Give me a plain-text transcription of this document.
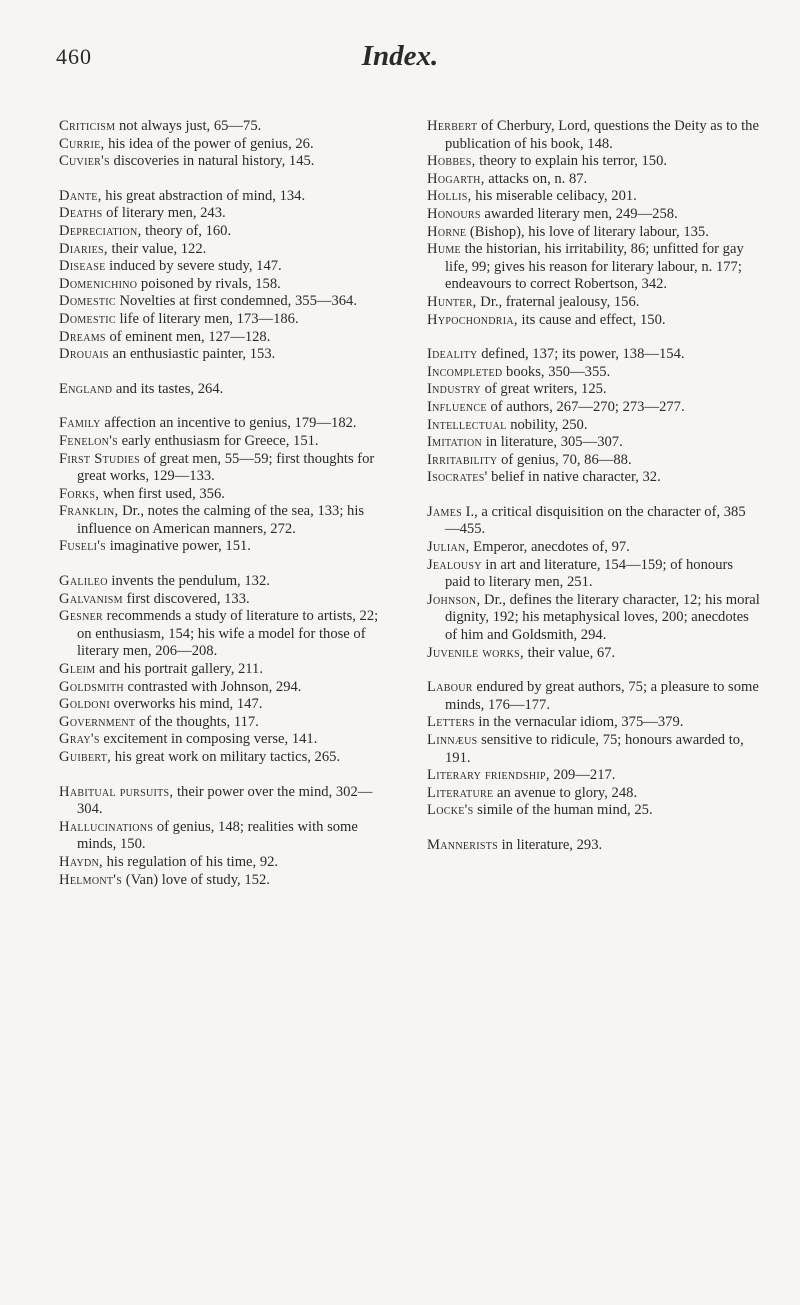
460	Index.

Criticism not always just, 65—75.

Currie, his idea of the power of genius, 26.

Cuvier's discoveries in natural history, 145.

Dante, his great abstraction of mind, 134.

Deaths of literary men, 243.

Depreciation, theory of, 160.

Diaries, their value, 122.

Disease induced by severe study, 147.

Domenichino poisoned by rivals, 158.

Domestic Novelties at first condemned, 355—364.

Domestic life of literary men, 173—186.

Dreams of eminent men, 127—128.

Drouais an enthusiastic painter, 153.

England and its tastes, 264.

Family affection an incentive to genius, 179—182.

Fenelon's early enthusiasm for Greece, 151.

First Studies of great men, 55—59; first thoughts for great works, 129—133.

Forks, when first used, 356.

Franklin, Dr., notes the calming of the sea, 133; his influence on American manners, 272.

Fuseli's imaginative power, 151.

Galileo invents the pendulum, 132.

Galvanism first discovered, 133.

Gesner recommends a study of literature to artists, 22; on enthusiasm, 154; his wife a model for those of literary men, 206—208.

Gleim and his portrait gallery, 211.

Goldsmith contrasted with Johnson, 294.

Goldoni overworks his mind, 147.

Government of the thoughts, 117.

Gray's excitement in composing verse, 141.

Guibert, his great work on military tactics, 265.

Habitual pursuits, their power over the mind, 302—304.

Hallucinations of genius, 148; realities with some minds, 150.

Haydn, his regulation of his time, 92.

Helmont's (Van) love of study, 152.

Herbert of Cherbury, Lord, questions the Deity as to the publication of his book, 148.

Hobbes, theory to explain his terror, 150.

Hogarth, attacks on, n. 87.

Hollis, his miserable celibacy, 201.

Honours awarded literary men, 249—258.

Horne (Bishop), his love of literary labour, 135.

Hume the historian, his irritability, 86; unfitted for gay life, 99; gives his reason for literary labour, n. 177; endeavours to correct Robertson, 342.

Hunter, Dr., fraternal jealousy, 156.

Hypochondria, its cause and effect, 150.

Ideality defined, 137; its power, 138—154.

Incompleted books, 350—355.

Industry of great writers, 125.

Influence of authors, 267—270; 273—277.

Intellectual nobility, 250.

Imitation in literature, 305—307.

Irritability of genius, 70, 86—88.

Isocrates' belief in native character, 32.

James I., a critical disquisition on the character of, 385—455.

Julian, Emperor, anecdotes of, 97.

Jealousy in art and literature, 154—159; of honours paid to literary men, 251.

Johnson, Dr., defines the literary character, 12; his moral dignity, 192; his metaphysical loves, 200; anecdotes of him and Goldsmith, 294.

Juvenile works, their value, 67.

Labour endured by great authors, 75; a pleasure to some minds, 176—177.

Letters in the vernacular idiom, 375—379.

Linnæus sensitive to ridicule, 75; honours awarded to, 191.

Literary friendship, 209—217.

Literature an avenue to glory, 248.

Locke's simile of the human mind, 25.

Mannerists in literature, 293.
